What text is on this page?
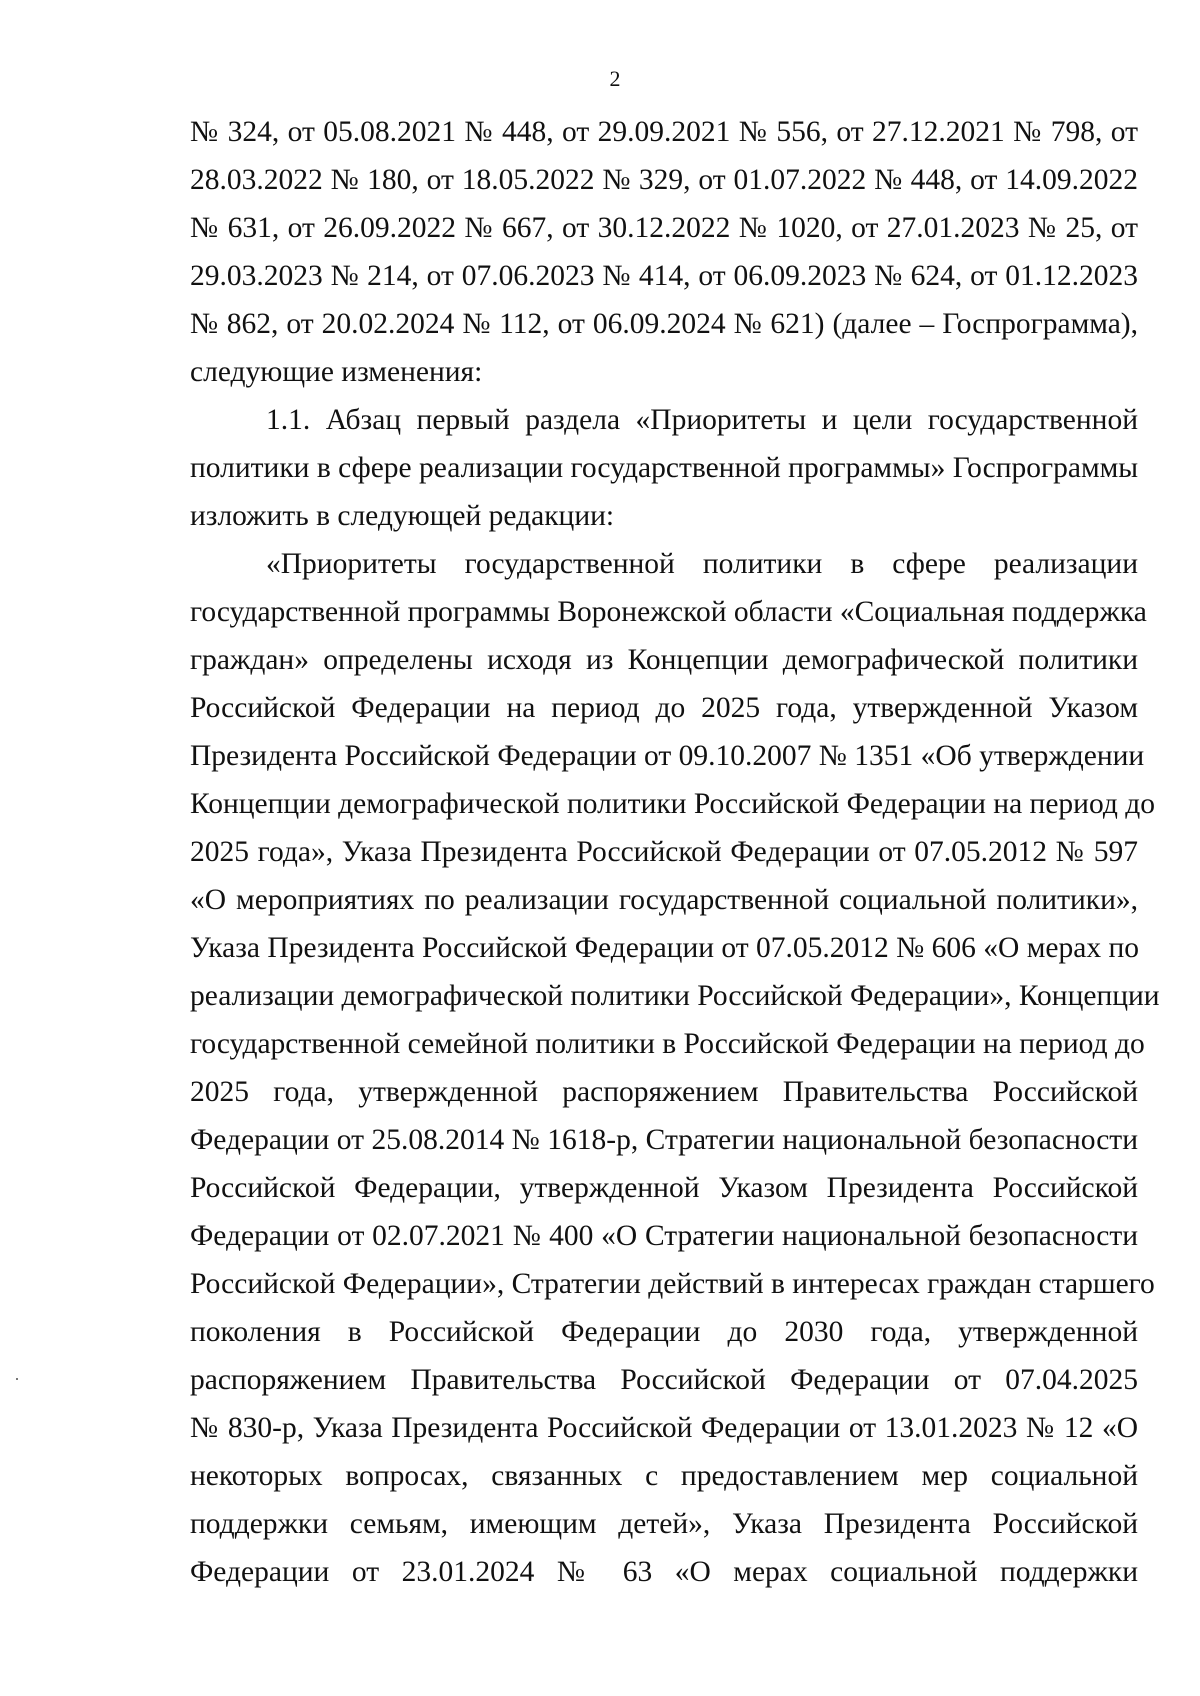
2
№ 324, от 05.08.2021 № 448, от 29.09.2021 № 556, от 27.12.2021 № 798, от
28.03.2022 № 180, от 18.05.2022 № 329, от 01.07.2022 № 448, от 14.09.2022
№ 631, от 26.09.2022 № 667, от 30.12.2022 № 1020, от 27.01.2023 № 25, от
29.03.2023 № 214, от 07.06.2023 № 414, от 06.09.2023 № 624, от 01.12.2023
№ 862, от 20.02.2024 № 112, от 06.09.2024 № 621) (далее – Госпрограмма),
следующие изменения:
1.1. Абзац первый раздела «Приоритеты и цели государственной
политики в сфере реализации государственной программы» Госпрограммы
изложить в следующей редакции:
«Приоритеты государственной политики в сфере реализации
государственной программы Воронежской области «Социальная поддержка
граждан» определены исходя из Концепции демографической политики
Российской Федерации на период до 2025 года, утвержденной Указом
Президента Российской Федерации от 09.10.2007 № 1351 «Об утверждении
Концепции демографической политики Российской Федерации на период до
2025 года», Указа Президента Российской Федерации от 07.05.2012 № 597
«О мероприятиях по реализации государственной социальной политики»,
Указа Президента Российской Федерации от 07.05.2012 № 606 «О мерах по
реализации демографической политики Российской Федерации», Концепции
государственной семейной политики в Российской Федерации на период до
2025 года, утвержденной распоряжением Правительства Российской
Федерации от 25.08.2014 № 1618-р, Стратегии национальной безопасности
Российской Федерации, утвержденной Указом Президента Российской
Федерации от 02.07.2021 № 400 «О Стратегии национальной безопасности
Российской Федерации», Стратегии действий в интересах граждан старшего
поколения в Российской Федерации до 2030 года, утвержденной
распоряжением Правительства Российской Федерации от 07.04.2025
№ 830-р, Указа Президента Российской Федерации от 13.01.2023 № 12 «О
некоторых вопросах, связанных с предоставлением мер социальной
поддержки семьям, имеющим детей», Указа Президента Российской
Федерации от 23.01.2024 № 63 «О мерах социальной поддержки
